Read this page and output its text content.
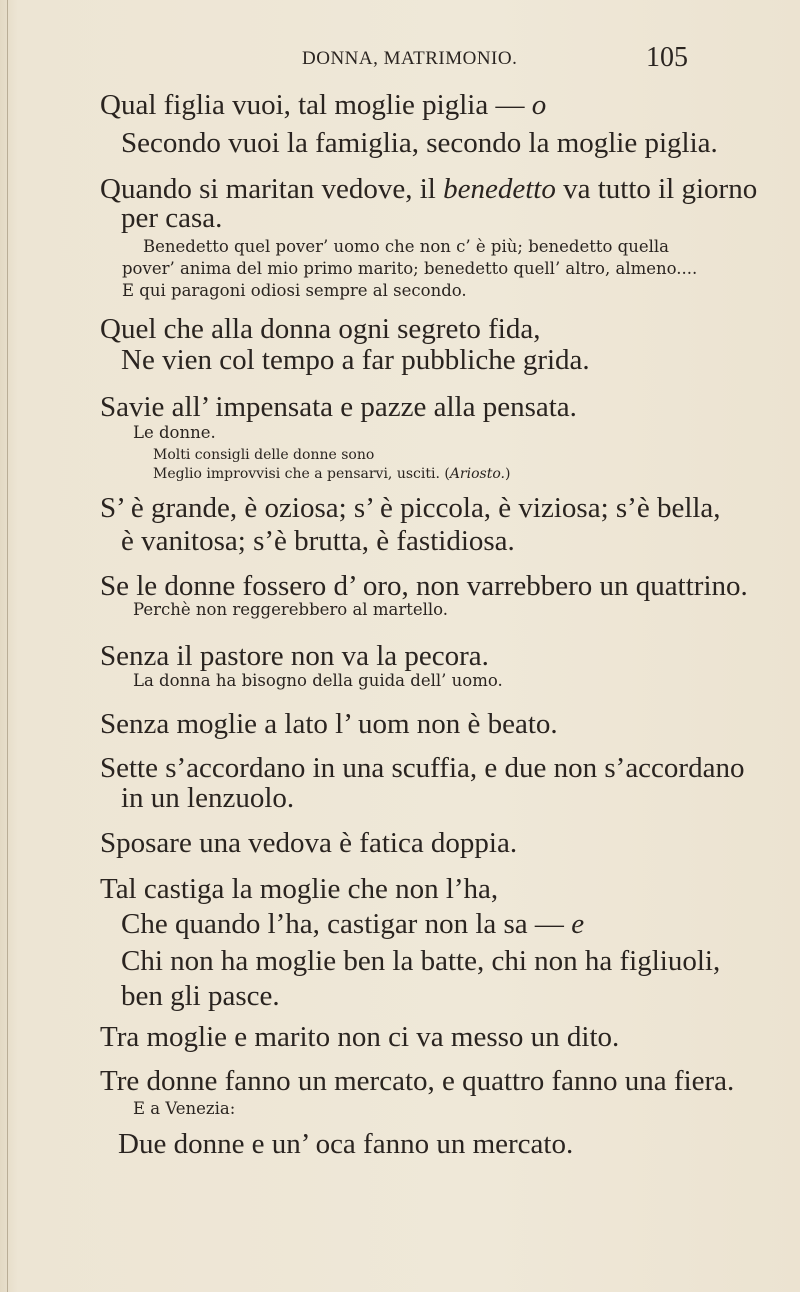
DONNA, MATRIMONIO.	105
Qual figlia vuoi, tal moglie piglia — o
Secondo vuoi la famiglia, secondo la moglie piglia.
Quando si maritan vedove, il benedetto va tutto il giorno
per casa.
Benedetto quel pover’ uomo che non c’ è più; benedetto quella
pover’ anima del mio primo marito; benedetto quell’ altro, almeno....
E qui paragoni odiosi sempre al secondo.
Quel che alla donna ogni segreto fida,
Ne vien col tempo a far pubbliche grida.
Savie all’ impensata e pazze alla pensata.
Le donne.
Molti consigli delle donne sono
Meglio improvvisi che a pensarvi, usciti. (Ariosto.)
S’ è grande, è oziosa; s’ è piccola, è viziosa; s’è bella,
è vanitosa; s’è brutta, è fastidiosa.
Se le donne fossero d’ oro, non varrebbero un quattrino.
Perchè non reggerebbero al martello.
Senza il pastore non va la pecora.
La donna ha bisogno della guida dell’ uomo.
Senza moglie a lato l’ uom non è beato.
Sette s’accordano in una scuffia, e due non s’accordano
in un lenzuolo.
Sposare una vedova è fatica doppia.
Tal castiga la moglie che non l’ha,
Che quando l’ha, castigar non la sa — e
Chi non ha moglie ben la batte, chi non ha figliuoli,
ben gli pasce.
Tra moglie e marito non ci va messo un dito.
Tre donne fanno un mercato, e quattro fanno una fiera.
E a Venezia:
Due donne e un’ oca fanno un mercato.
